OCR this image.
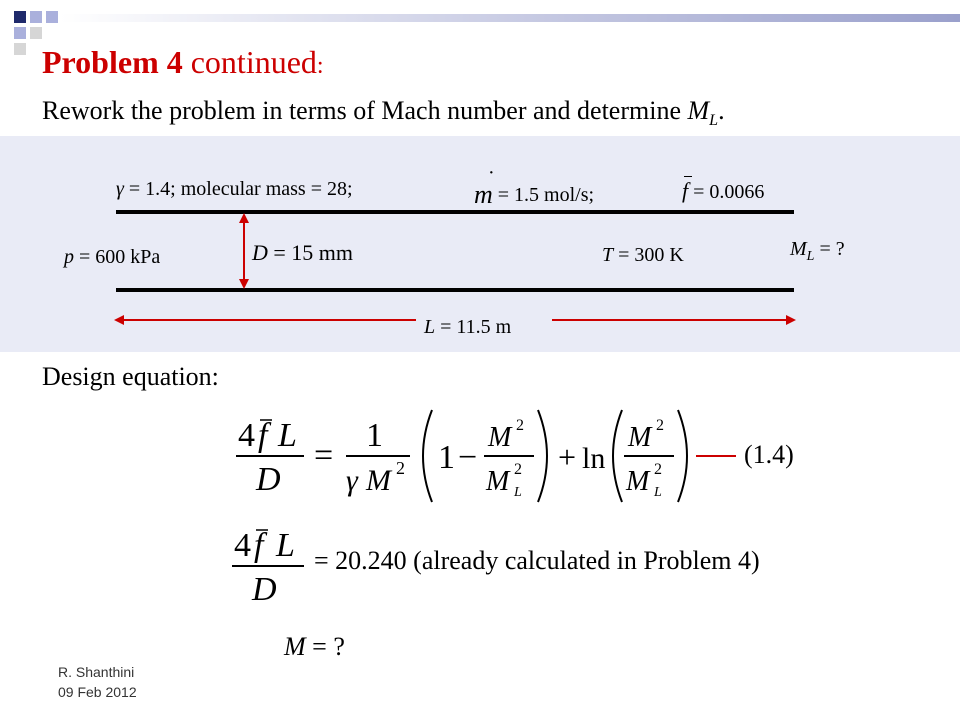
Problem 4 continued:
Rework the problem in terms of Mach number and determine $M_L$.
γ = 1.4; molecular mass = 28;	m = 1.5 mol/s;
·
f = 0.0066
p = 600 kPa	D = 15 mm	T = 300 K	$M_L$ = ?
L = 11.5 m
Design equation:
4 f L
D
=
1
γ M 2 1 −
M 2
M 2
L
+ ln
M 2
M 2
L
4 f L
D
(1.4)
= 20.240 (already calculated in Problem 4)
M = ?
R. Shanthini
09 Feb 2012
